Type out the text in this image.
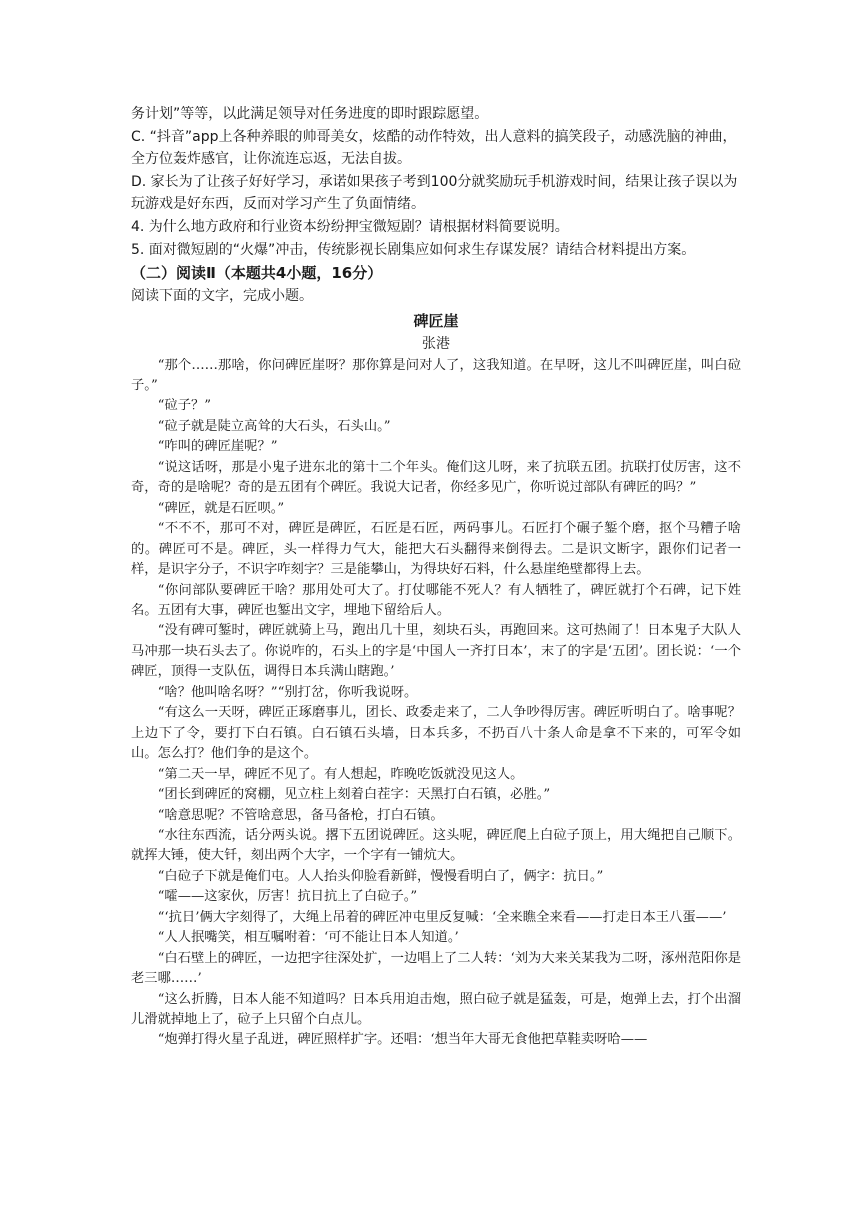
务计划”等等，以此满足领导对任务进度的即时跟踪愿望。

C. “抖音”app上各种养眼的帅哥美女，炫酷的动作特效，出人意料的搞笑段子，动感洗脑的神曲，全方位轰炸感官，让你流连忘返，无法自拔。

D. 家长为了让孩子好好学习，承诺如果孩子考到100分就奖励玩手机游戏时间，结果让孩子误以为玩游戏是好东西，反而对学习产生了负面情绪。

4. 为什么地方政府和行业资本纷纷押宝微短剧？请根据材料简要说明。

5. 面对微短剧的“火爆”冲击，传统影视长剧集应如何求生存谋发展？请结合材料提出方案。

（二）阅读Ⅱ（本题共4小题，16分）

阅读下面的文字，完成小题。

碑匠崖

张港

“那个……那啥，你问碑匠崖呀？那你算是问对人了，这我知道。在早呀，这儿不叫碑匠崖，叫白砬子。”

“砬子？”

“砬子就是陡立高耸的大石头，石头山。”

“咋叫的碑匠崖呢？”

“说这话呀，那是小鬼子进东北的第十二个年头。俺们这儿呀，来了抗联五团。抗联打仗厉害，这不奇，奇的是啥呢？奇的是五团有个碑匠。我说大记者，你经多见广，你听说过部队有碑匠的吗？”

“碑匠，就是石匠呗。”

“不不不，那可不对，碑匠是碑匠，石匠是石匠，两码事儿。石匠打个碾子錾个磨，抠个马糟子啥的。碑匠可不是。碑匠，头一样得力气大，能把大石头翻得来倒得去。二是识文断字，跟你们记者一样，是识字分子，不识字咋刻字？三是能攀山，为得块好石料，什么悬崖绝壁都得上去。

“你问部队要碑匠干啥？那用处可大了。打仗哪能不死人？有人牺牲了，碑匠就打个石碑，记下姓名。五团有大事，碑匠也錾出文字，埋地下留给后人。

“没有碑可錾时，碑匠就骑上马，跑出几十里，刻块石头，再跑回来。这可热闹了！日本鬼子大队人马冲那一块石头去了。你说咋的，石头上的字是‘中国人一齐打日本’，末了的字是‘五团’。团长说：‘一个碑匠，顶得一支队伍，调得日本兵满山瞎跑。’

“啥？他叫啥名呀？”“别打岔，你听我说呀。

“有这么一天呀，碑匠正琢磨事儿，团长、政委走来了，二人争吵得厉害。碑匠听明白了。啥事呢？上边下了令，要打下白石镇。白石镇石头墙，日本兵多，不扔百八十条人命是拿不下来的，可军令如山。怎么打？他们争的是这个。

“第二天一早，碑匠不见了。有人想起，昨晚吃饭就没见这人。

“团长到碑匠的窝棚，见立柱上刻着白茬字：天黑打白石镇，必胜。”

“啥意思呢？不管啥意思，备马备枪，打白石镇。

“水往东西流，话分两头说。撂下五团说碑匠。这头呢，碑匠爬上白砬子顶上，用大绳把自己顺下。就挥大锤，使大钎，刻出两个大字，一个字有一铺炕大。

“白砬子下就是俺们屯。人人抬头仰脸看新鲜，慢慢看明白了，俩字：抗日。”

“嚯——这家伙，厉害！抗日抗上了白砬子。”

“‘抗日’俩大字刻得了，大绳上吊着的碑匠冲屯里反复喊：‘全来瞧全来看——打走日本王八蛋——’

“人人抿嘴笑，相互嘱咐着：‘可不能让日本人知道。’

“白石壁上的碑匠，一边把字往深处扩，一边唱上了二人转：‘刘为大来关某我为二呀，涿州范阳你是老三哪……’

“这么折腾，日本人能不知道吗？日本兵用迫击炮，照白砬子就是猛轰，可是，炮弹上去，打个出溜儿滑就掉地上了，砬子上只留个白点儿。

“炮弹打得火星子乱迸，碑匠照样扩字。还唱：‘想当年大哥无食他把草鞋卖呀哈——
